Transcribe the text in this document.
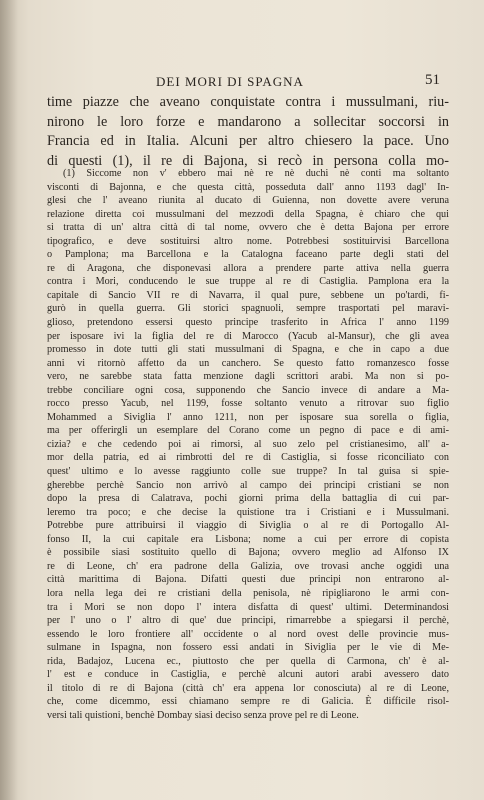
DEI MORI DI SPAGNA	51
time piazze che aveano conquistate contra i mussulmani, riu-
nirono le loro forze e mandarono a sollecitar soccorsi in
Francia ed in Italia. Alcuni per altro chiesero la pace. Uno
di questi (1), il re di Bajona, si recò in persona colla mo-
(1) Siccome non v' ebbero mai nè re nè duchi nè conti ma soltanto
visconti di Bajonna, e che questa città, posseduta dall' anno 1193 dagl' In-
glesi che l' aveano riunita al ducato di Guienna, non dovette avere veruna
relazione diretta coi mussulmani del mezzodì della Spagna, è chiaro che qui
si tratta di un' altra città di tal nome, ovvero che è detta Bajona per errore
tipografico, e deve sostituirsi altro nome. Potrebbesi sostituirvisi Barcellona
o Pamplona; ma Barcellona e la Catalogna faceano parte degli stati del
re di Aragona, che disponevasi allora a prendere parte attiva nella guerra
contra i Mori, conducendo le sue truppe al re di Castiglia. Pamplona era la
capitale di Sancio VII re di Navarra, il qual pure, sebbene un po'tardi, fi-
gurò in quella guerra. Gli storici spagnuoli, sempre trasportati pel maravi-
glioso, pretendono essersi questo principe trasferito in Africa l' anno 1199
per isposare ivi la figlia del re di Marocco (Yacub al-Mansur), che gli avea
promesso in dote tutti gli stati mussulmani di Spagna, e che in capo a due
anni vi ritornò affetto da un canchero. Se questo fatto romanzesco fosse
vero, ne sarebbe stata fatta menzione dagli scrittori arabi. Ma non si po-
trebbe conciliare ogni cosa, supponendo che Sancio invece di andare a Ma-
rocco presso Yacub, nel 1199, fosse soltanto venuto a ritrovar suo figlio
Mohammed a Siviglia l' anno 1211, non per isposare sua sorella o figlia,
ma per offerirgli un esemplare del Corano come un pegno di pace e di ami-
cizia? e che cedendo poi ai rimorsi, al suo zelo pel cristianesimo, all' a-
mor della patria, ed ai rimbrotti del re di Castiglia, si fosse riconciliato con
quest' ultimo e lo avesse raggiunto colle sue truppe? In tal guisa si spie-
gherebbe perchè Sancio non arrivò al campo dei principi cristiani se non
dopo la presa di Calatrava, pochi giorni prima della battaglia di cui par-
leremo tra poco; e che decise la quistione tra i Cristiani e i Mussulmani.
Potrebbe pure attribuirsi il viaggio di Siviglia o al re di Portogallo Al-
fonso II, la cui capitale era Lisbona; nome a cui per errore di copista
è possibile siasi sostituito quello di Bajona; ovvero meglio ad Alfonso IX
re di Leone, ch' era padrone della Galizia, ove trovasi anche oggidì una
città marittima di Bajona. Difatti questi due principi non entrarono al-
lora nella lega dei re cristiani della penisola, nè ripigliarono le armi con-
tra i Mori se non dopo l' intera disfatta di quest' ultimi. Determinandosi
per l' uno o l' altro di que' due principi, rimarrebbe a spiegarsi il perchè,
essendo le loro frontiere all' occidente o al nord ovest delle provincie mus-
sulmane in Ispagna, non fossero essi andati in Siviglia per le vie di Me-
rida, Badajoz, Lucena ec., piuttosto che per quella di Carmona, ch' è al-
l' est e conduce in Castiglia, e perchè alcuni autori arabi avessero dato
il titolo di re di Bajona (città ch' era appena lor conosciuta) al re di Leone,
che, come dicemmo, essi chiamano sempre re di Galicia. È difficile risol-
versi tali quistioni, benchè Dombay siasi deciso senza prove pel re di Leone.
